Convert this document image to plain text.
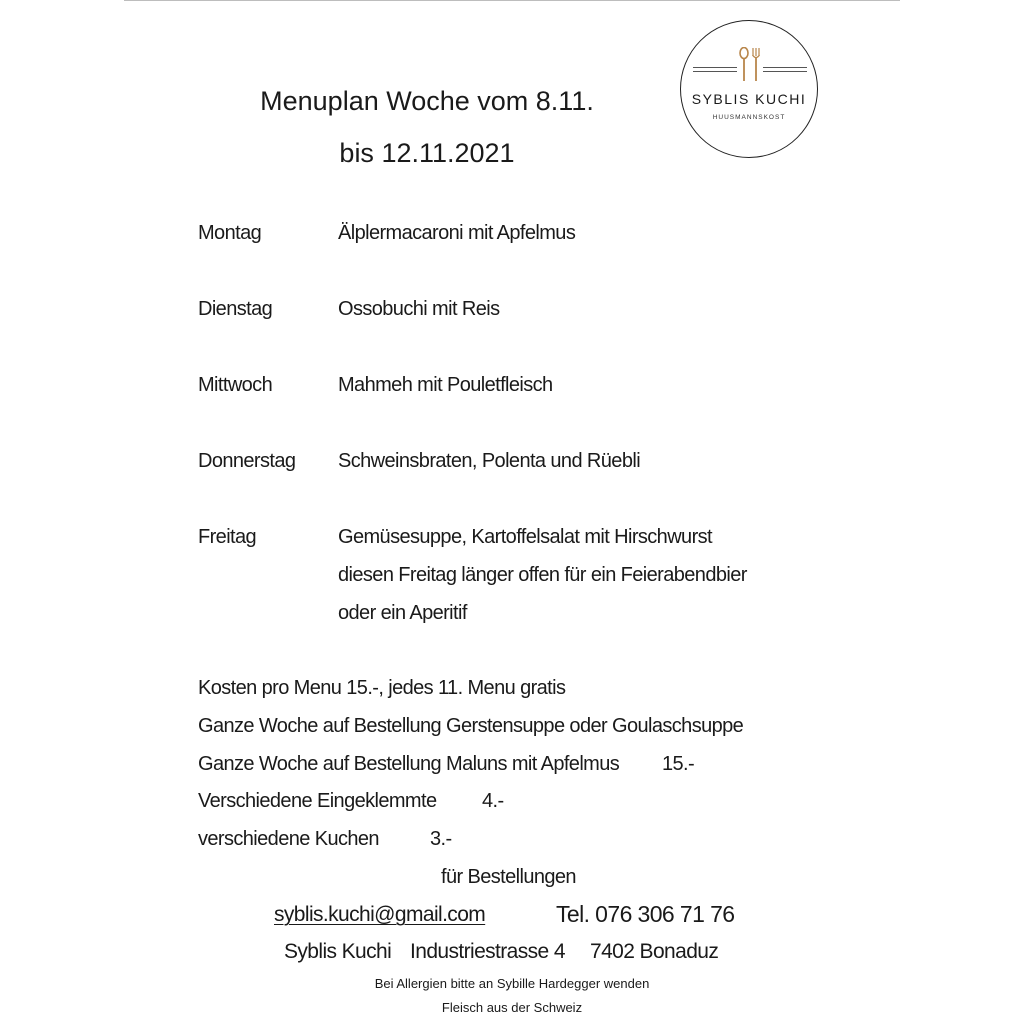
SYBLIS KUCHI
HUUSMANNSKOST
Menuplan Woche vom 8.11.
bis 12.11.2021
Montag	Älplermacaroni mit Apfelmus
Dienstag	Ossobuchi mit Reis
Mittwoch	Mahmeh mit Pouletfleisch
Donnerstag Schweinsbraten, Polenta und Rüebli
Freitag	Gemüsesuppe, Kartoffelsalat mit Hirschwurst
diesen Freitag länger offen für ein Feierabendbier
oder ein Aperitif
Kosten pro Menu 15.-, jedes 11. Menu gratis
Ganze Woche auf Bestellung Gerstensuppe oder Goulaschsuppe
Ganze Woche auf Bestellung Maluns mit Apfelmus 15.-
Verschiedene Eingeklemmte 4.-
verschiedene Kuchen	3.-
für Bestellungen
syblis.kuchi@gmail.com	Tel. 076 306 71 76
Syblis Kuchi Industriestrasse 4 7402 Bonaduz
Bei Allergien bitte an Sybille Hardegger wenden
Fleisch aus der Schweiz
